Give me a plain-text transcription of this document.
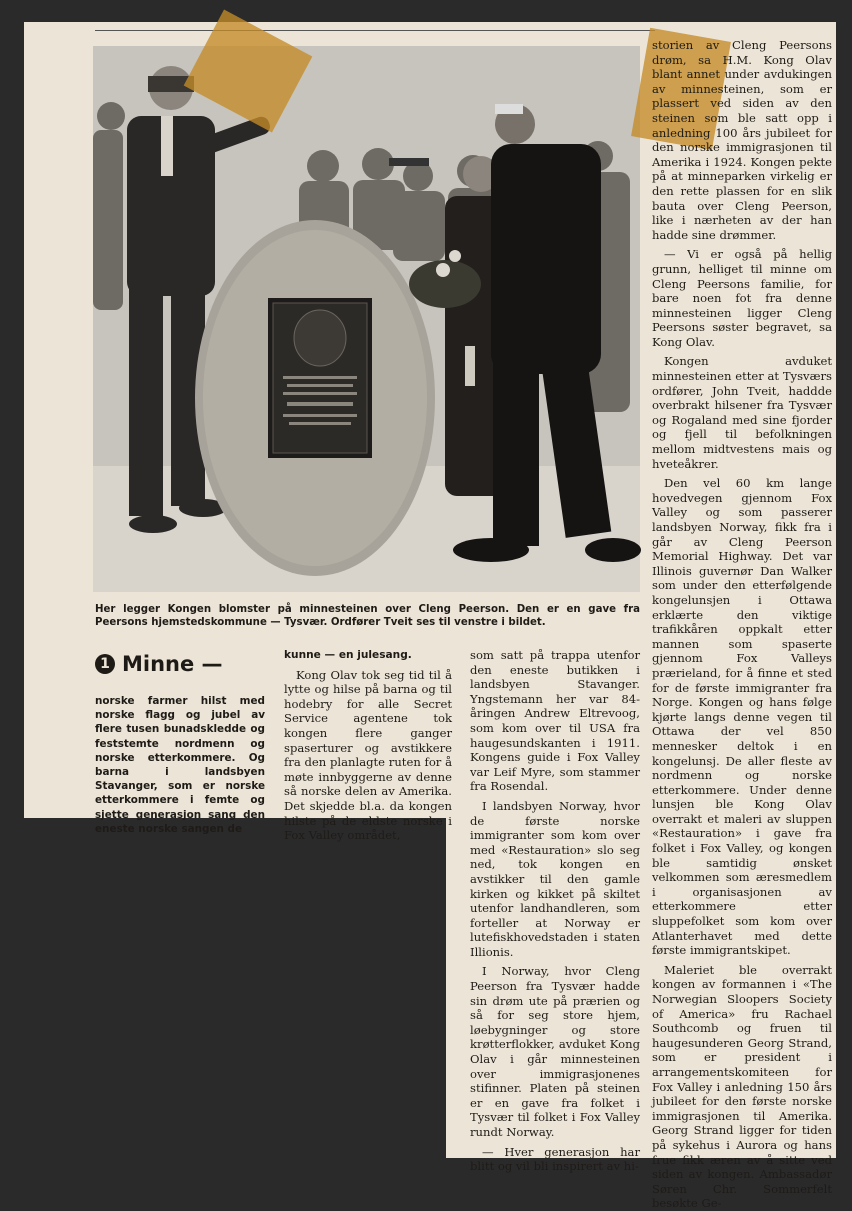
Her legger Kongen blomster på minnesteinen over Cleng Peerson. Den er en gave fra Peersons hjemstedskommune — Tysvær. Ordfører Tveit ses til venstre i bildet.
1 Minne —
norske farmer hilst med norske flagg og jubel av flere tusen bunadskledde og feststemte nordmenn og norske etterkommere. Og barna i landsbyen Stavanger, som er norske etterkommere i femte og sjette generasjon sang den eneste norske sangen de

kunne — en julesang.

Kong Olav tok seg tid til å lytte og hilse på barna og til hodebry for alle Secret Service agentene tok kongen flere ganger spaserturer og avstikkere fra den planlagte ruten for å møte innbyggerne av denne så norske delen av Amerika. Det skjedde bl.a. da kongen hilste på de eldste norske i Fox Valley området,

som satt på trappa utenfor den eneste butikken i landsbyen Stavanger. Yngstemann her var 84-åringen Andrew Eltrevoog, som kom over til USA fra haugesundskanten i 1911. Kongens guide i Fox Valley var Leif Myre, som stammer fra Rosendal.

I landsbyen Norway, hvor de første norske immigranter som kom over med «Restauration» slo seg ned, tok kongen en avstikker til den gamle kirken og kikket på skiltet utenfor landhandleren, som forteller at Norway er lutefiskhovedstaden i staten Illionis.

I Norway, hvor Cleng Peerson fra Tysvær hadde sin drøm ute på prærien og så for seg store hjem, løebygninger og store krøtterflokker, avduket Kong Olav i går minnesteinen over immigrasjonenes stifinner. Platen på steinen er en gave fra folket i Tysvær til folket i Fox Valley rundt Norway.

— Hver generasjon har blitt og vil bli inspirert av hi-

storien av Cleng Peersons drøm, sa H.M. Kong Olav blant annet under avdukingen av minnesteinen, som er plassert ved siden av den steinen som ble satt opp i anledning 100 års jubileet for den norske immigrasjonen til Amerika i 1924. Kongen pekte på at minneparken virkelig er den rette plassen for en slik bauta over Cleng Peerson, like i nærheten av der han hadde sine drømmer.

— Vi er også på hellig grunn, helliget til minne om Cleng Peersons familie, for bare noen fot fra denne minnesteinen ligger Cleng Peersons søster begravet, sa Kong Olav.

Kongen avduket minnesteinen etter at Tysværs ordfører, John Tveit, haddde overbrakt hilsener fra Tysvær og Rogaland med sine fjorder og fjell til befolkningen mellom midtvestens mais og hveteåkrer.

Den vel 60 km lange hovedvegen gjennom Fox Valley og som passerer landsbyen Norway, fikk fra i går av Cleng Peerson Memorial Highway. Det var Illinois guvernør Dan Walker som under den etterfølgende kongelunsjen i Ottawa erklærte den viktige trafikkåren oppkalt etter mannen som spaserte gjennom Fox Valleys prærieland, for å finne et sted for de første immigranter fra Norge. Kongen og hans følge kjørte langs denne vegen til Ottawa der vel 850 mennesker deltok i en kongelunsj. De aller fleste av nordmenn og norske etterkommere. Under denne lunsjen ble Kong Olav overrakt et maleri av sluppen «Restauration» i gave fra folket i Fox Valley, og kongen ble samtidig ønsket velkommen som æresmedlem i organisasjonen av etterkommere etter sluppefolket som kom over Atlanterhavet med dette første immigrantskipet.

Maleriet ble overrakt kongen av formannen i «The Norwegian Sloopers Society of America» fru Rachael Southcomb og fruen til haugesunderen Georg Strand, som er president i arrangementskomiteen for Fox Valley i anledning 150 års jubileet for den første norske immigrasjonen til Amerika. Georg Strand ligger for tiden på sykehus i Aurora og hans frue fikk æren av å sitte ved siden av kongen. Ambassadør Søren Chr. Sommerfelt besøkte Ge-
